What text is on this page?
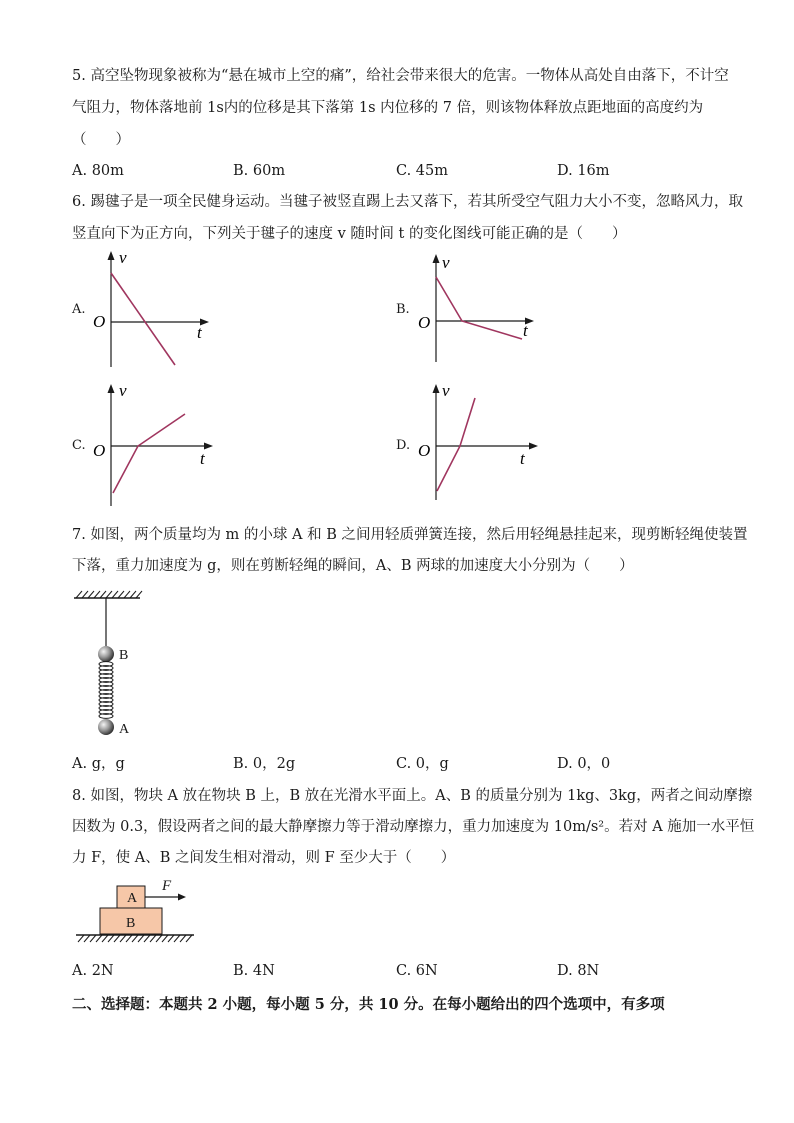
5. 高空坠物现象被称为“悬在城市上空的痛”，给社会带来很大的危害。一物体从高处自由落下，不计空
气阻力，物体落地前 1s内的位移是其下落第 1s 内位移的 7 倍，则该物体释放点距地面的高度约为
（　　）
A. 80m	B. 60m	C. 45m	D. 16m
6. 踢毽子是一项全民健身运动。当毽子被竖直踢上去又落下，若其所受空气阻力大小不变，忽略风力，取
竖直向下为正方向，下列关于毽子的速度 v 随时间 t 的变化图线可能正确的是（　　）
A.
v
O
t
B.
v
O	t
C.
v
O	t
D.
v
O	t
7. 如图，两个质量均为 m 的小球 A 和 B 之间用轻质弹簧连接，然后用轻绳悬挂起来，现剪断轻绳使装置
下落，重力加速度为 g，则在剪断轻绳的瞬间，A、B 两球的加速度大小分别为（　　）
B
A
A. g，g	B. 0，2g	C. 0，g	D. 0，0
8. 如图，物块 A 放在物块 B 上，B 放在光滑水平面上。A、B 的质量分别为 1kg、3kg，两者之间动摩擦
因数为 0.3，假设两者之间的最大静摩擦力等于滑动摩擦力，重力加速度为 10m/s²。若对 A 施加一水平恒
力 F，使 A、B 之间发生相对滑动，则 F 至少大于（　　）
A
B
F
A. 2N	B. 4N	C. 6N	D. 8N
二、选择题：本题共 2 小题，每小题 5 分，共 10 分。在每小题给出的四个选项中，有多项
